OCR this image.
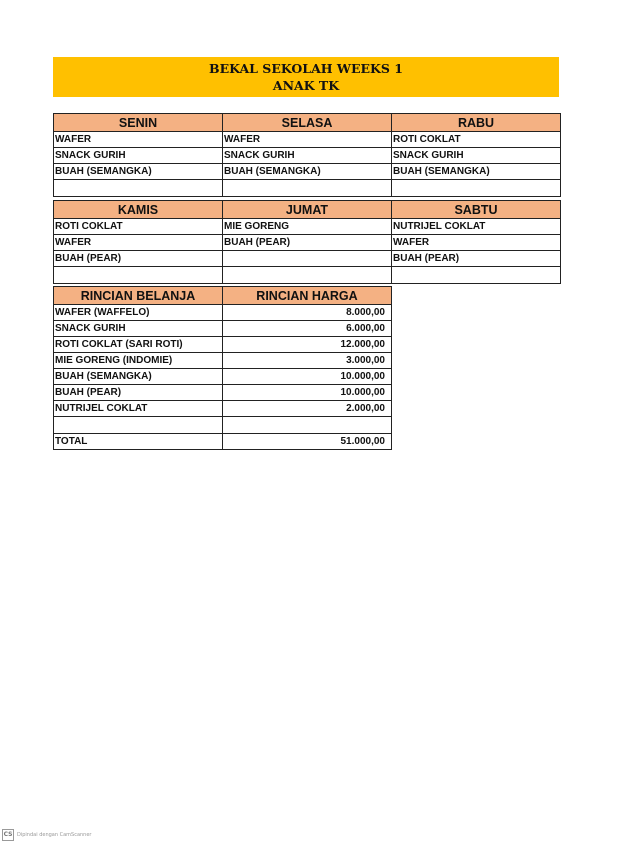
BEKAL SEKOLAH WEEKS 1
ANAK TK
SENIN	SELASA	RABU
WAFER	WAFER	ROTI COKLAT
SNACK GURIH	SNACK GURIH	SNACK GURIH
BUAH (SEMANGKA)	BUAH (SEMANGKA)	BUAH (SEMANGKA)

KAMIS	JUMAT	SABTU
ROTI COKLAT	MIE GORENG	NUTRIJEL COKLAT
WAFER	BUAH (PEAR)	WAFER
BUAH (PEAR)		BUAH (PEAR)

RINCIAN BELANJA	RINCIAN HARGA
WAFER (WAFFELO)	8.000,00
SNACK GURIH	6.000,00
ROTI COKLAT (SARI ROTI)	12.000,00
MIE GORENG (INDOMIE)	3.000,00
BUAH (SEMANGKA)	10.000,00
BUAH (PEAR)	10.000,00
NUTRIJEL COKLAT	2.000,00

TOTAL	51.000,00
CS Dipindai dengan CamScanner
